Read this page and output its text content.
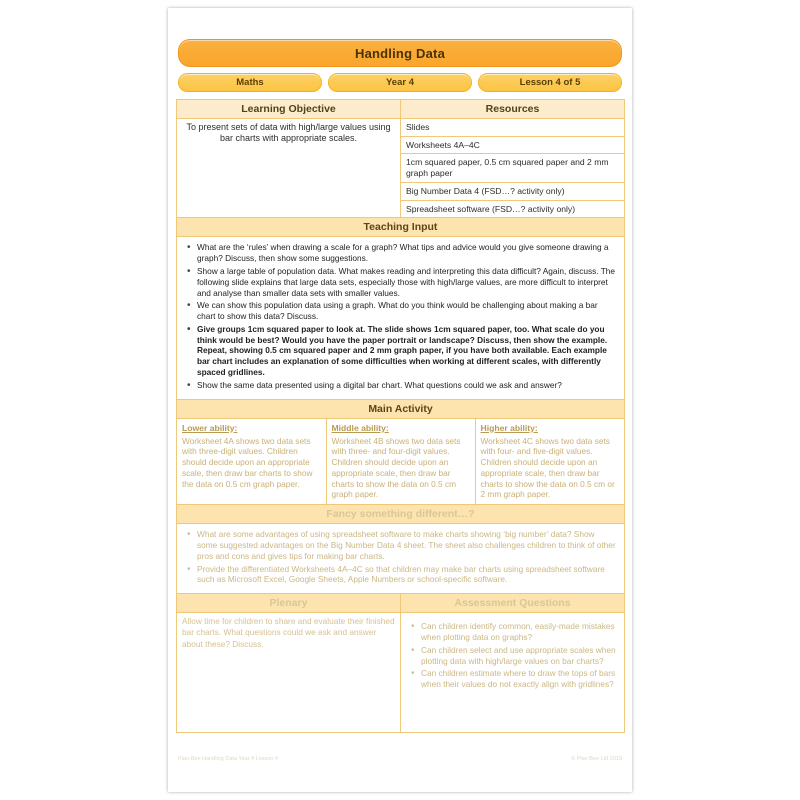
Handling Data
Maths	Year 4	Lesson 4 of 5
Learning Objective	Resources
To present sets of data with high/large values using bar charts with appropriate scales.	
Slides
Worksheets 4A–4C
1cm squared paper, 0.5 cm squared paper and 2 mm graph paper
Big Number Data 4 (FSD…? activity only)
Spreadsheet software (FSD…? activity only)

Teaching Input

• What are the ‘rules’ when drawing a scale for a graph? What tips and advice would you give someone drawing a graph? Discuss, then show some suggestions.
• Show a large table of population data. What makes reading and interpreting this data difficult? Again, discuss. The following slide explains that large data sets, especially those with high/large values, are more difficult to interpret and analyse than smaller data sets with smaller values.
• We can show this population data using a graph. What do you think would be challenging about making a bar chart to show this data? Discuss.
• Give groups 1cm squared paper to look at. The slide shows 1cm squared paper, too. What scale do you think would be best? Would you have the paper portrait or landscape? Discuss, then show the example. Repeat, showing 0.5 cm squared paper and 2 mm graph paper, if you have both available. Each example bar chart includes an explanation of some difficulties when working at different scales, with differently spaced gridlines.
• Show the same data presented using a digital bar chart. What questions could we ask and answer?

Main Activity

Lower ability:
Worksheet 4A shows two data sets with three-digit values. Children should decide upon an appropriate scale, then draw bar charts to show the data on 0.5 cm graph paper.

Middle ability:
Worksheet 4B shows two data sets with three- and four-digit values. Children should decide upon an appropriate scale, then draw bar charts to show the data on 0.5 cm graph paper.

Higher ability:
Worksheet 4C shows two data sets with four- and five-digit values. Children should decide upon an appropriate scale, then draw bar charts to show the data on 0.5 cm or 2 mm graph paper.

Fancy something different…?

• What are some advantages of using spreadsheet software to make charts showing ‘big number’ data? Show some suggested advantages on the Big Number Data 4 sheet. The sheet also challenges children to think of other pros and cons and gives tips for making bar charts.
• Provide the differentiated Worksheets 4A–4C so that children may make bar charts using spreadsheet software such as Microsoft Excel, Google Sheets, Apple Numbers or school-specific software.

Plenary	Assessment Questions
Allow time for children to share and evaluate their finished bar charts. What questions could we ask and answer about these? Discuss.	
• Can children identify common, easily-made mistakes when plotting data on graphs?
• Can children select and use appropriate scales when plotting data with high/large values on bar charts?
• Can children estimate where to draw the tops of bars when their values do not exactly align with gridlines?
Plan-Bee Handling Data Year 4 Lesson 4	© Plan Bee Ltd 2019
